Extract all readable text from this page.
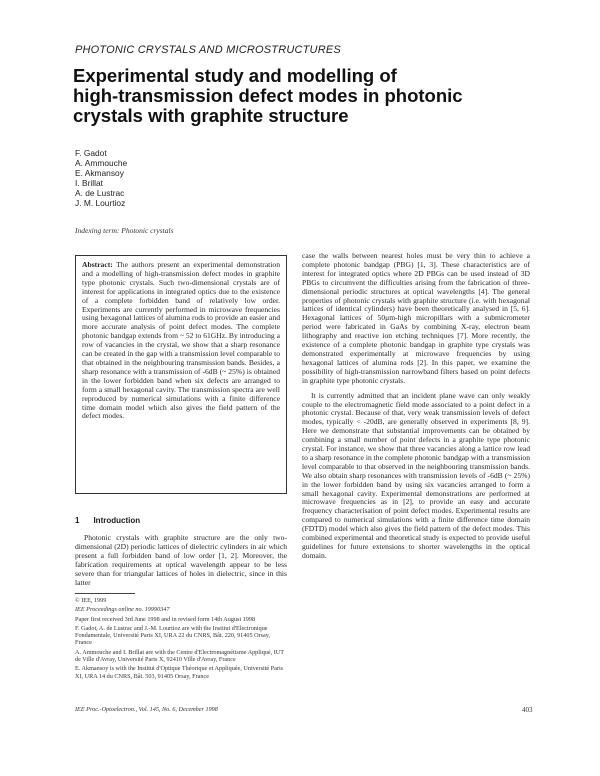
PHOTONIC CRYSTALS AND MICROSTRUCTURES
Experimental study and modelling of
high-transmission defect modes in photonic
crystals with graphite structure
F. Gadot
A. Ammouche
E. Akmansoy
I. Brillat
A. de Lustrac
J. M. Lourtioz
Indexing term: Photonic crystals

Abstract: The authors present an experimental demonstration and a modelling of high-transmission defect modes in graphite type photonic crystals. Such two-dimensional crystals are of interest for applications in integrated optics due to the existence of a complete forbidden band of relatively low order. Experiments are currently performed in microwave frequencies using hexagonal lattices of alumina rods to provide an easier and more accurate analysis of point defect modes. The complete photonic bandgap extends from ~ 52 to 61GHz. By introducing a row of vacancies in the crystal, we show that a sharp resonance can be created in the gap with a transmission level comparable to that obtained in the neighbouring transmission bands. Besides, a sharp resonance with a transmission of -6dB (~ 25%) is obtained in the lower forbidden band when six defects are arranged to form a small hexagonal cavity. The transmission spectra are well reproduced by numerical simulations with a finite difference time domain model which also gives the field pattern of the defect modes.

1 Introduction

Photonic crystals with graphite structure are the only two-dimensional (2D) periodic lattices of dielectric cylinders in air which present a full forbidden band of low order [1, 2]. Moreover, the fabrication requirements at optical wavelength appear to be less severe than for triangular lattices of holes in dielectric, since in this latter

© IEE, 1999

IEE Proceedings online no. 19990347

Paper first received 3rd June 1998 and in revised form 14th August 1998

F. Gadot, A. de Lustrac and J.-M. Lourtioz are with the Institut d'Electronique Fondamentale, Université Paris XI, URA 22 du CNRS, Bât. 220, 91405 Orsay, France

A. Ammouche and I. Brillat are with the Centre d'Electromagnétisme Appliqué, IUT de Ville d'Avray, Université Paris X, 92410 Ville d'Avray, France

E. Akmansoy is with the Institut d'Optique Théorique et Appliquée, Université Paris XI, URA 14 du CNRS, Bât. 503, 91405 Orsay, France

case the walls between nearest holes must be very thin to achieve a complete photonic bandgap (PBG) [1, 3]. These characteristics are of interest for integrated optics where 2D PBGs can be used instead of 3D PBGs to circumvent the difficulties arising from the fabrication of three-dimensional periodic structures at optical wavelengths [4]. The general properties of photonic crystals with graphite structure (i.e. with hexagonal lattices of identical cylinders) have been theoretically analysed in [5, 6]. Hexagonal lattices of 50μm-high micropillars with a submicrometer period were fabricated in GaAs by combining X-ray, electron beam lithography and reactive ion etching techniques [7]. More recently, the existence of a complete photonic bandgap in graphite type crystals was demonstrated experimentally at microwave frequencies by using hexagonal lattices of alumina rods [2]. In this paper, we examine the possibility of high-transmission narrowband filters based on point defects in graphite type photonic crystals.

It is currently admitted that an incident plane wave can only weakly couple to the electromagnetic field mode associated to a point defect in a photonic crystal. Because of that, very weak transmission levels of defect modes, typically < -20dB, are generally observed in experiments [8, 9]. Here we demonstrate that substantial improvements can be obtained by combining a small number of point defects in a graphite type photonic crystal. For instance, we show that three vacancies along a lattice row lead to a sharp resonance in the complete photonic bandgap with a transmission level comparable to that observed in the neighbouring transmission bands. We also obtain sharp resonances with transmission levels of -6dB (~ 25%) in the lower forbidden band by using six vacancies arranged to form a small hexagonal cavity. Experimental demonstrations are performed at microwave frequencies as in [2], to provide an easy and accurate frequency characterisation of point defect modes. Experimental results are compared to numerical simulations with a finite difference time domain (FDTD) model which also gives the field pattern of the defect modes. This combined experimental and theoretical study is expected to provide useful guidelines for future extensions to shorter wavelengths in the optical domain.

IEE Proc.-Optoelectron., Vol. 145, No. 6, December 1998	403
